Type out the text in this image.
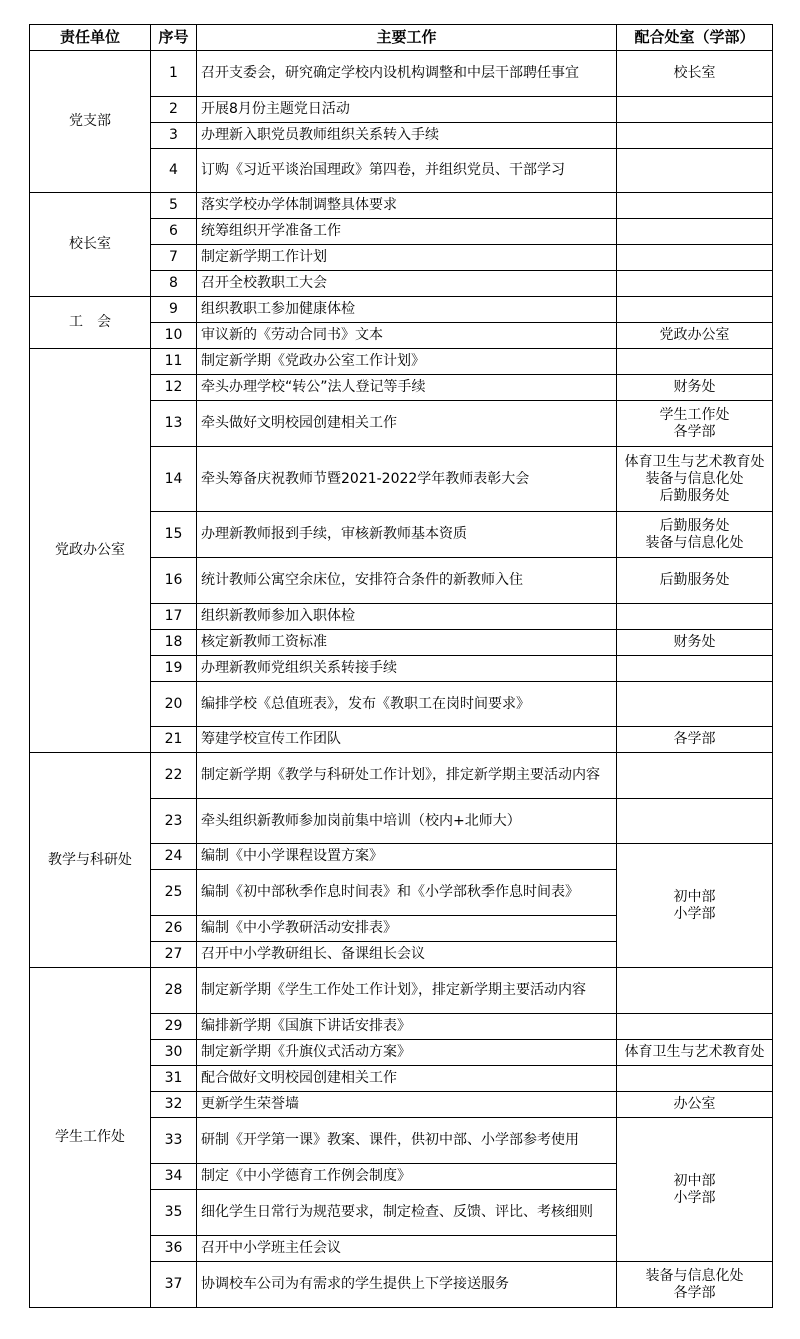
责任单位	序号	主要工作	配合处室（学部）
党支部	1	召开支委会，研究确定学校内设机构调整和中层干部聘任事宜	校长室

	2	开展8月份主题党日活动	
	3	办理新入职党员教师组织关系转入手续	
	4	订购《习近平谈治国理政》第四卷，并组织党员、干部学习	
校长室	5	落实学校办学体制调整具体要求	
	6	统筹组织开学准备工作	
	7	制定新学期工作计划	
	8	召开全校教职工大会	
工　会	9	组织教职工参加健康体检	
	10	审议新的《劳动合同书》文本	党政办公室

党政办公室	11	制定新学期《党政办公室工作计划》	
	12	牵头办理学校“转公”法人登记等手续	财务处

	13	牵头做好文明校园创建相关工作	学生工作处
各学部

	14	牵头筹备庆祝教师节暨2021-2022学年教师表彰大会	体育卫生与艺术教育处
装备与信息化处
后勤服务处

	15	办理新教师报到手续，审核新教师基本资质	后勤服务处
装备与信息化处

	16	统计教师公寓空余床位，安排符合条件的新教师入住	后勤服务处

	17	组织新教师参加入职体检	
	18	核定新教师工资标准	财务处

	19	办理新教师党组织关系转接手续	
	20	编排学校《总值班表》，发布《教职工在岗时间要求》	
	21	筹建学校宣传工作团队	各学部

教学与科研处	22	制定新学期《教学与科研处工作计划》，排定新学期主要活动内容	
	23	牵头组织新教师参加岗前集中培训（校内+北师大）	
	24	编制《中小学课程设置方案》	初中部
小学部

	25	编制《初中部秋季作息时间表》和《小学部秋季作息时间表》	
	26	编制《中小学教研活动安排表》	
	27	召开中小学教研组长、备课组长会议	
学生工作处	28	制定新学期《学生工作处工作计划》，排定新学期主要活动内容	
	29	编排新学期《国旗下讲话安排表》	
	30	制定新学期《升旗仪式活动方案》	体育卫生与艺术教育处

	31	配合做好文明校园创建相关工作	
	32	更新学生荣誉墙	办公室

	33	研制《开学第一课》教案、课件，供初中部、小学部参考使用	初中部
小学部

	34	制定《中小学德育工作例会制度》	
	35	细化学生日常行为规范要求，制定检查、反馈、评比、考核细则	
	36	召开中小学班主任会议	
	37	协调校车公司为有需求的学生提供上下学接送服务	装备与信息化处
各学部
